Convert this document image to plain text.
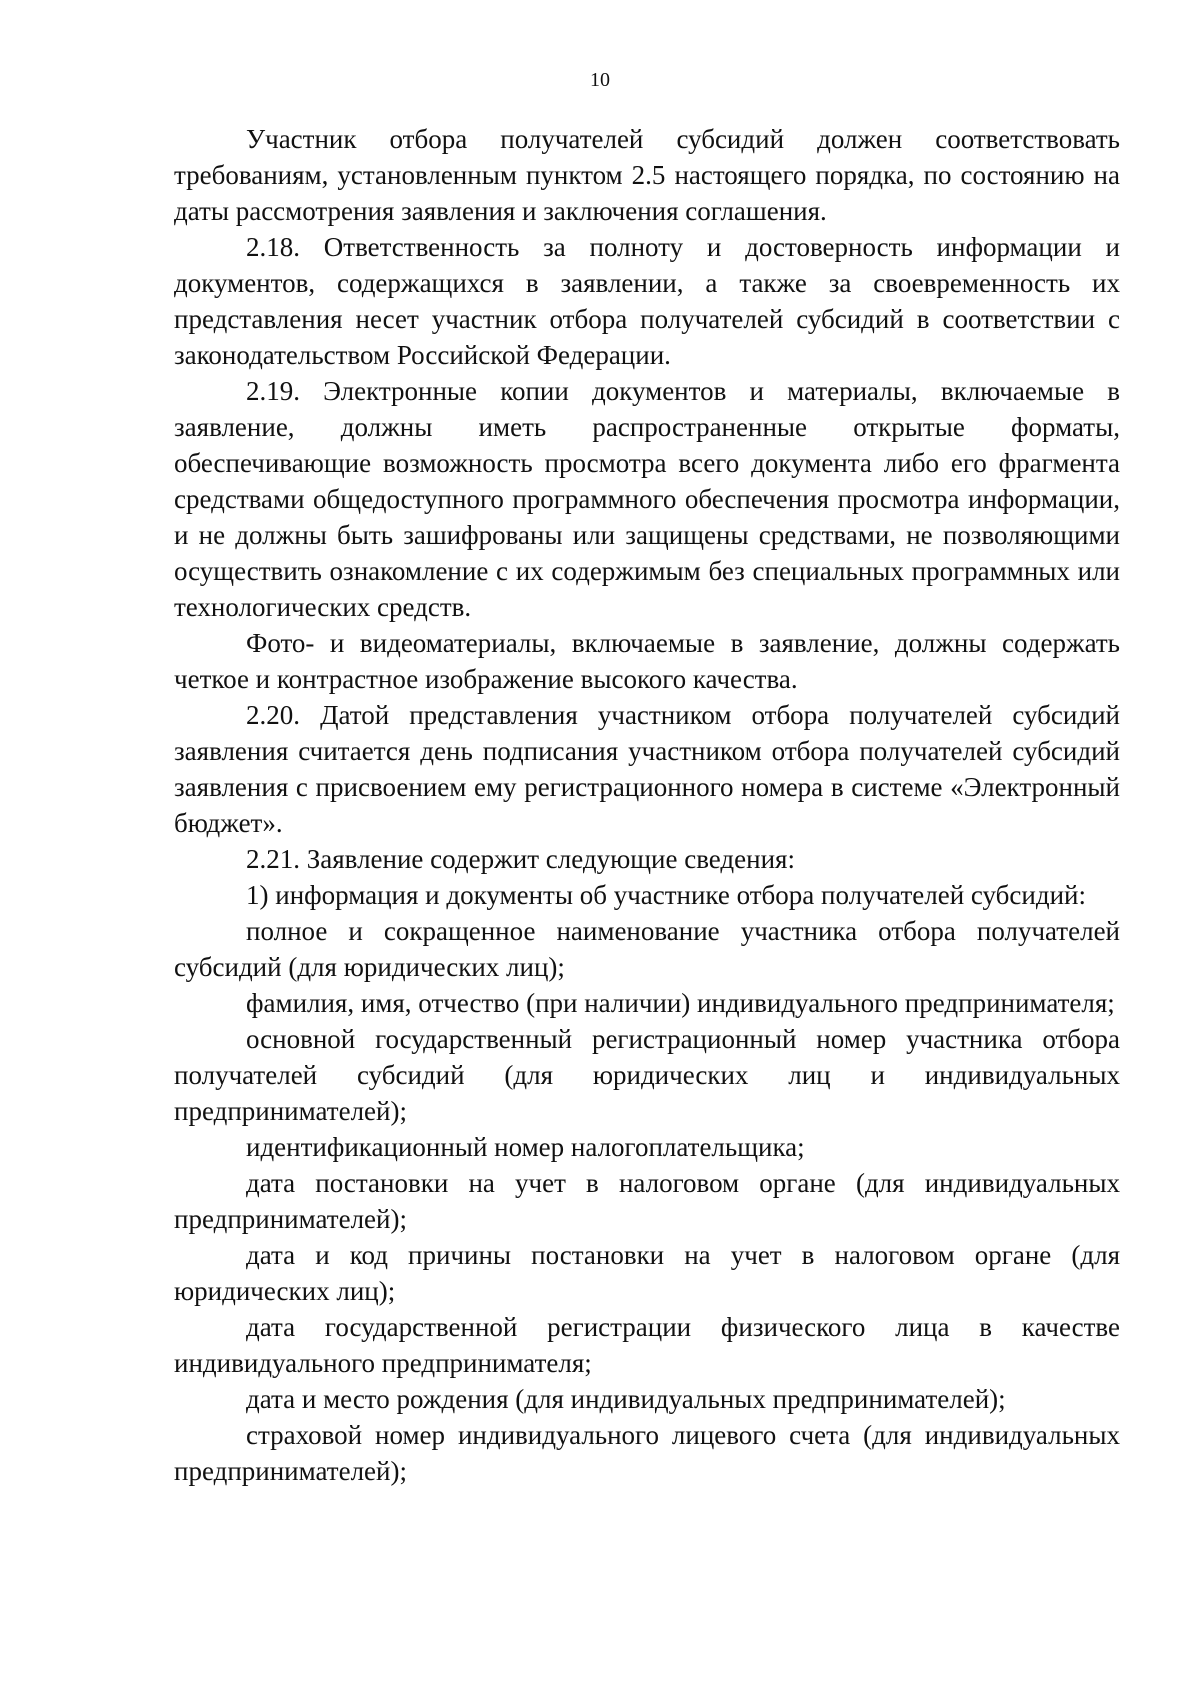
10

Участник отбора получателей субсидий должен соответствовать требованиям, установленным пунктом 2.5 настоящего порядка, по состоянию на даты рассмотрения заявления и заключения соглашения.

2.18. Ответственность за полноту и достоверность информации и документов, содержащихся в заявлении, а также за своевременность их представления несет участник отбора получателей субсидий в соответствии с законодательством Российской Федерации.

2.19. Электронные копии документов и материалы, включаемые в заявление, должны иметь распространенные открытые форматы, обеспечивающие возможность просмотра всего документа либо его фрагмента средствами общедоступного программного обеспечения просмотра информации, и не должны быть зашифрованы или защищены средствами, не позволяющими осуществить ознакомление с их содержимым без специальных программных или технологических средств.

Фото- и видеоматериалы, включаемые в заявление, должны содержать четкое и контрастное изображение высокого качества.

2.20. Датой представления участником отбора получателей субсидий заявления считается день подписания участником отбора получателей субсидий заявления с присвоением ему регистрационного номера в системе «Электронный бюджет».

2.21. Заявление содержит следующие сведения:

1) информация и документы об участнике отбора получателей субсидий:

полное и сокращенное наименование участника отбора получателей субсидий (для юридических лиц);

фамилия, имя, отчество (при наличии) индивидуального предпринимателя;

основной государственный регистрационный номер участника отбора получателей субсидий (для юридических лиц и индивидуальных предпринимателей);

идентификационный номер налогоплательщика;

дата постановки на учет в налоговом органе (для индивидуальных предпринимателей);

дата и код причины постановки на учет в налоговом органе (для юридических лиц);

дата государственной регистрации физического лица в качестве индивидуального предпринимателя;

дата и место рождения (для индивидуальных предпринимателей);

страховой номер индивидуального лицевого счета (для индивидуальных предпринимателей);
